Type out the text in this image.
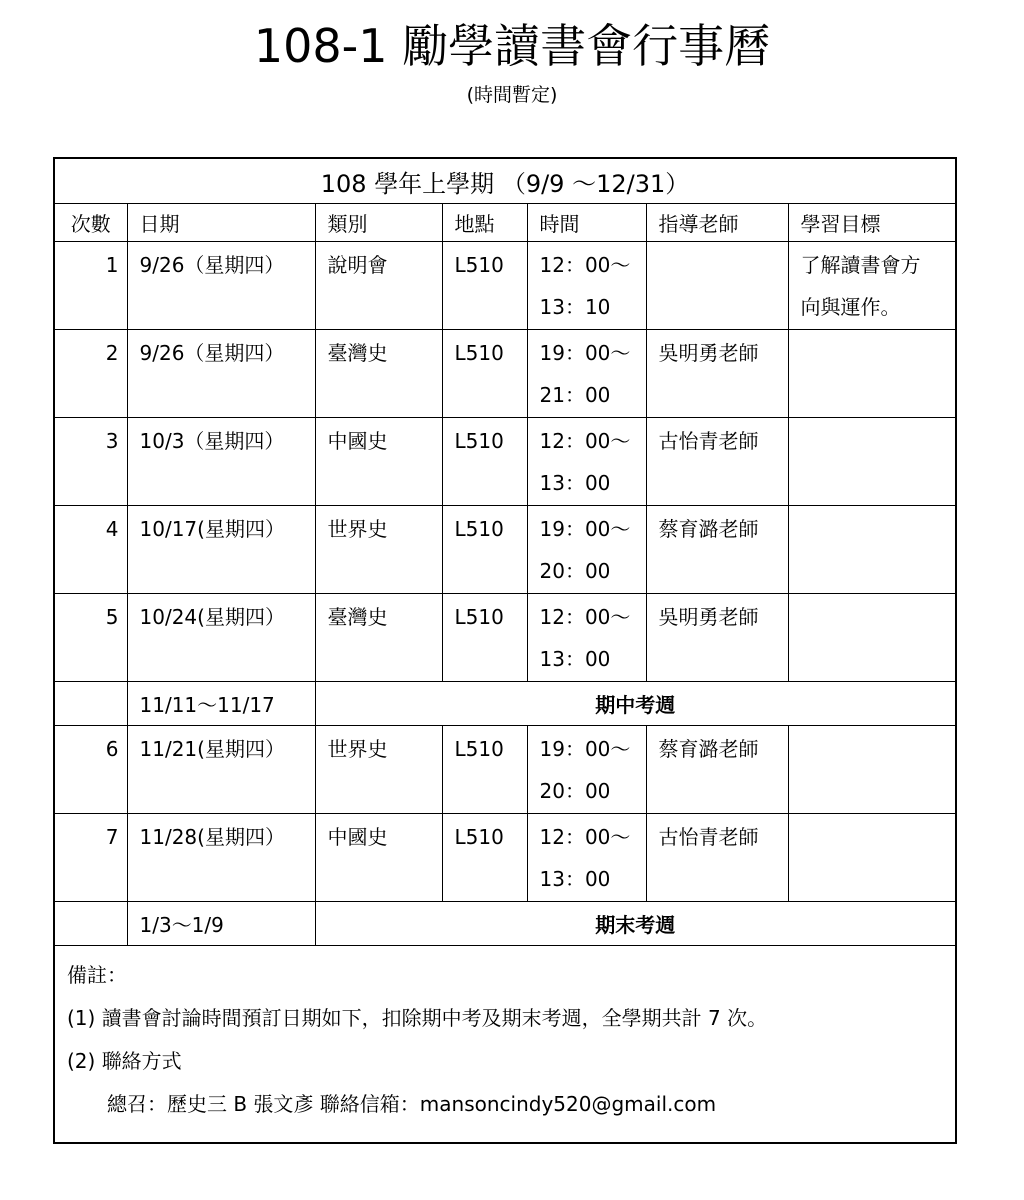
108-1 勵學讀書會行事曆
(時間暫定)
108 學年上學期 （9/9 ～12/31）						
次數	日期	類別	地點	時間	指導老師	學習目標
1	9/26（星期四）	說明會	L510	12：00～
13：10		了解讀書會方
向與運作。

2	9/26（星期四）	臺灣史	L510	19：00～
21：00	吳明勇老師	
3	10/3（星期四）	中國史	L510	12：00～
13：00	古怡青老師	
4	10/17(星期四）	世界史	L510	19：00～
20：00	蔡育潞老師	
5	10/24(星期四）	臺灣史	L510	12：00～
13：00	吳明勇老師	
	11/11～11/17	期中考週				
6	11/21(星期四）	世界史	L510	19：00～
20：00	蔡育潞老師	
7	11/28(星期四）	中國史	L510	12：00～
13：00	古怡青老師	
	1/3～1/9	期末考週				
備註：
(1) 讀書會討論時間預訂日期如下，扣除期中考及期末考週，全學期共計 7 次。
(2) 聯絡方式
總召：歷史三 B 張文彥 聯絡信箱：mansoncindy520@gmail.com
